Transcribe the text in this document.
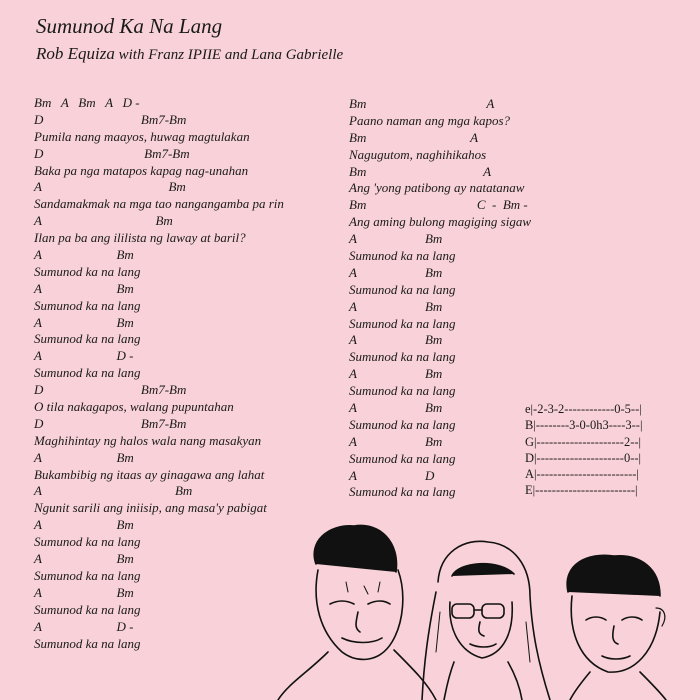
Sumunod Ka Na Lang
Rob Equiza with Franz IPIIE and Lana Gabrielle
Bm   A   Bm   A   D -
D                              Bm7-Bm
Pumila nang maayos, huwag magtulakan
D                               Bm7-Bm
Baka pa nga matapos kapag nag-unahan
A                                       Bm
Sandamakmak na mga tao nangangamba pa rin
A                                   Bm
Ilan pa ba ang ililista ng laway at baril?
A                       Bm
Sumunod ka na lang
A                       Bm
Sumunod ka na lang
A                       Bm
Sumunod ka na lang
A                       D -
Sumunod ka na lang
D                              Bm7-Bm
O tila nakagapos, walang pupuntahan
D                              Bm7-Bm
Maghihintay ng halos wala nang masakyan
A                       Bm
Bukambibig ng itaas ay ginagawa ang lahat
A                                         Bm
Ngunit sarili ang iniisip, ang masa'y pabigat
A                       Bm
Sumunod ka na lang
A                       Bm
Sumunod ka na lang
A                       Bm
Sumunod ka na lang
A                       D -
Sumunod ka na lang
Bm                                     A
Paano naman ang mga kapos?
Bm                                A
Nagugutom, naghihikahos
Bm                                    A
Ang 'yong patibong ay natatanaw
Bm                                  C  -  Bm -
Ang aming bulong magiging sigaw
A                     Bm
Sumunod ka na lang
A                     Bm
Sumunod ka na lang
A                     Bm
Sumunod ka na lang
A                     Bm
Sumunod ka na lang
A                     Bm
Sumunod ka na lang
A                     Bm
Sumunod ka na lang
A                     Bm
Sumunod ka na lang
A                     D
Sumunod ka na lang
e|-2-3-2------------0-5--|
B|--------3-0-0h3----3--|
G|---------------------2--|
D|---------------------0--|
A|------------------------|
E|------------------------|
